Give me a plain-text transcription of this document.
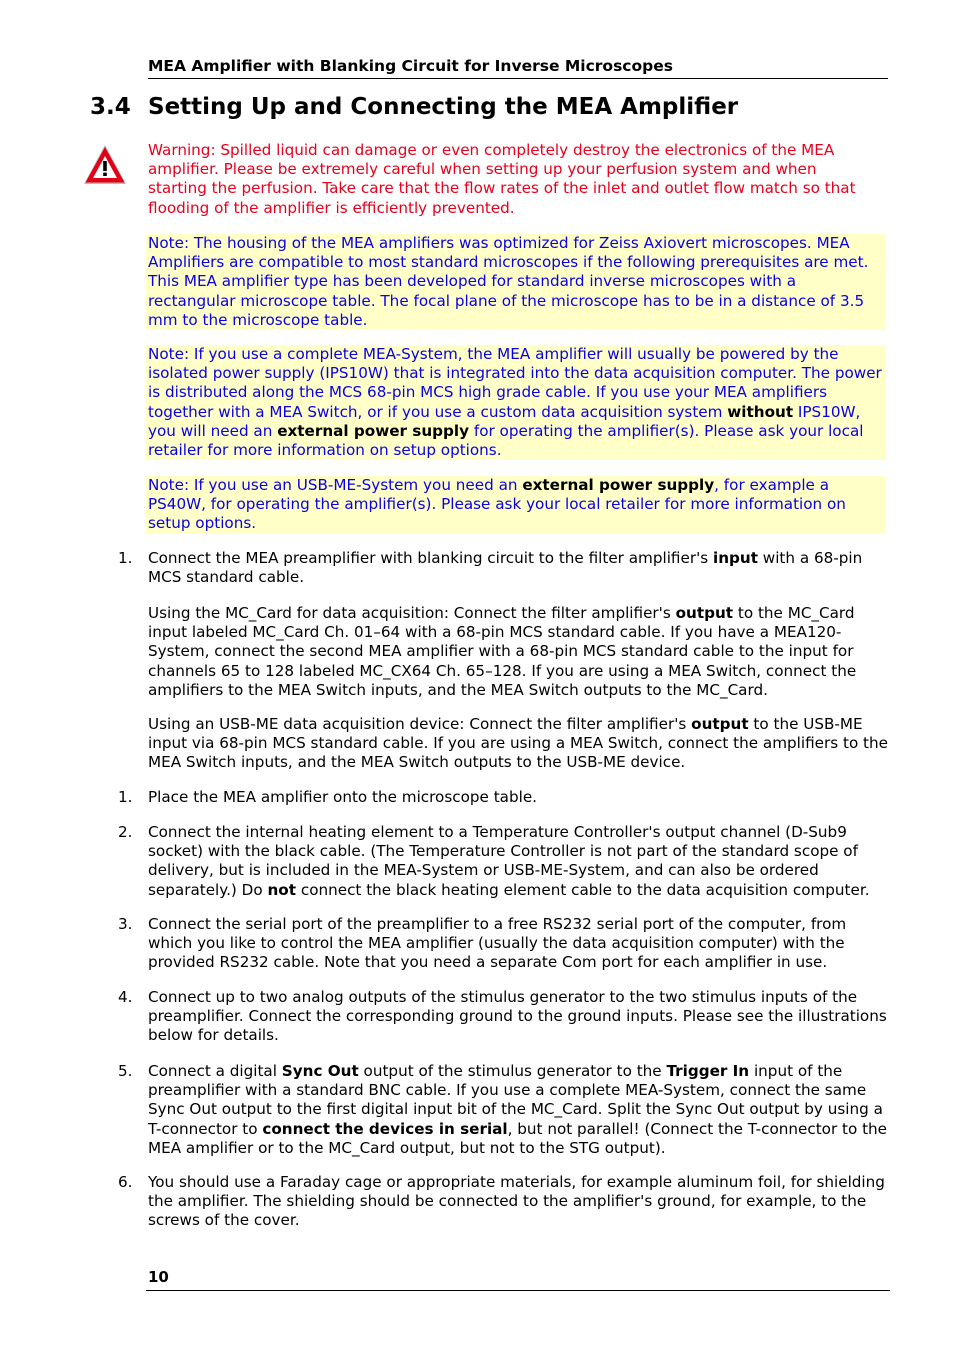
MEA Amplifier with Blanking Circuit for Inverse Microscopes
3.4 Setting Up and Connecting the MEA Amplifier
Warning: Spilled liquid can damage or even completely destroy the electronics of the MEA amplifier. Please be extremely careful when setting up your perfusion system and when starting the perfusion. Take care that the flow rates of the inlet and outlet flow match so that flooding of the amplifier is efficiently prevented.
Note: The housing of the MEA amplifiers was optimized for Zeiss Axiovert microscopes. MEA Amplifiers are compatible to most standard microscopes if the following prerequisites are met. This MEA amplifier type has been developed for standard inverse microscopes with a rectangular microscope table. The focal plane of the microscope has to be in a distance of 3.5 mm to the microscope table.
Note: If you use a complete MEA-System, the MEA amplifier will usually be powered by the isolated power supply (IPS10W) that is integrated into the data acquisition computer. The power is distributed along the MCS 68-pin MCS high grade cable. If you use your MEA amplifiers together with a MEA Switch, or if you use a custom data acquisition system without IPS10W, you will need an external power supply for operating the amplifier(s). Please ask your local retailer for more information on setup options.
Note: If you use an USB-ME-System you need an external power supply, for example a PS40W, for operating the amplifier(s). Please ask your local retailer for more information on setup options.
1. Connect the MEA preamplifier with blanking circuit to the filter amplifier's input with a 68-pin MCS standard cable.
Using the MC_Card for data acquisition: Connect the filter amplifier's output to the MC_Card input labeled MC_Card Ch. 01–64 with a 68-pin MCS standard cable. If you have a MEA120-System, connect the second MEA amplifier with a 68-pin MCS standard cable to the input for channels 65 to 128 labeled MC_CX64 Ch. 65–128. If you are using a MEA Switch, connect the amplifiers to the MEA Switch inputs, and the MEA Switch outputs to the MC_Card.
Using an USB-ME data acquisition device: Connect the filter amplifier's output to the USB-ME input via 68-pin MCS standard cable. If you are using a MEA Switch, connect the amplifiers to the MEA Switch inputs, and the MEA Switch outputs to the USB-ME device.
1. Place the MEA amplifier onto the microscope table.
2. Connect the internal heating element to a Temperature Controller's output channel (D-Sub9 socket) with the black cable. (The Temperature Controller is not part of the standard scope of delivery, but is included in the MEA-System or USB-ME-System, and can also be ordered separately.) Do not connect the black heating element cable to the data acquisition computer.
3. Connect the serial port of the preamplifier to a free RS232 serial port of the computer, from which you like to control the MEA amplifier (usually the data acquisition computer) with the provided RS232 cable. Note that you need a separate Com port for each amplifier in use.
4. Connect up to two analog outputs of the stimulus generator to the two stimulus inputs of the preamplifier. Connect the corresponding ground to the ground inputs. Please see the illustrations below for details.
5. Connect a digital Sync Out output of the stimulus generator to the Trigger In input of the preamplifier with a standard BNC cable. If you use a complete MEA-System, connect the same Sync Out output to the first digital input bit of the MC_Card. Split the Sync Out output by using a T-connector to connect the devices in serial, but not parallel! (Connect the T-connector to the MEA amplifier or to the MC_Card output, but not to the STG output).
6. You should use a Faraday cage or appropriate materials, for example aluminum foil, for shielding the amplifier. The shielding should be connected to the amplifier's ground, for example, to the screws of the cover.
10
